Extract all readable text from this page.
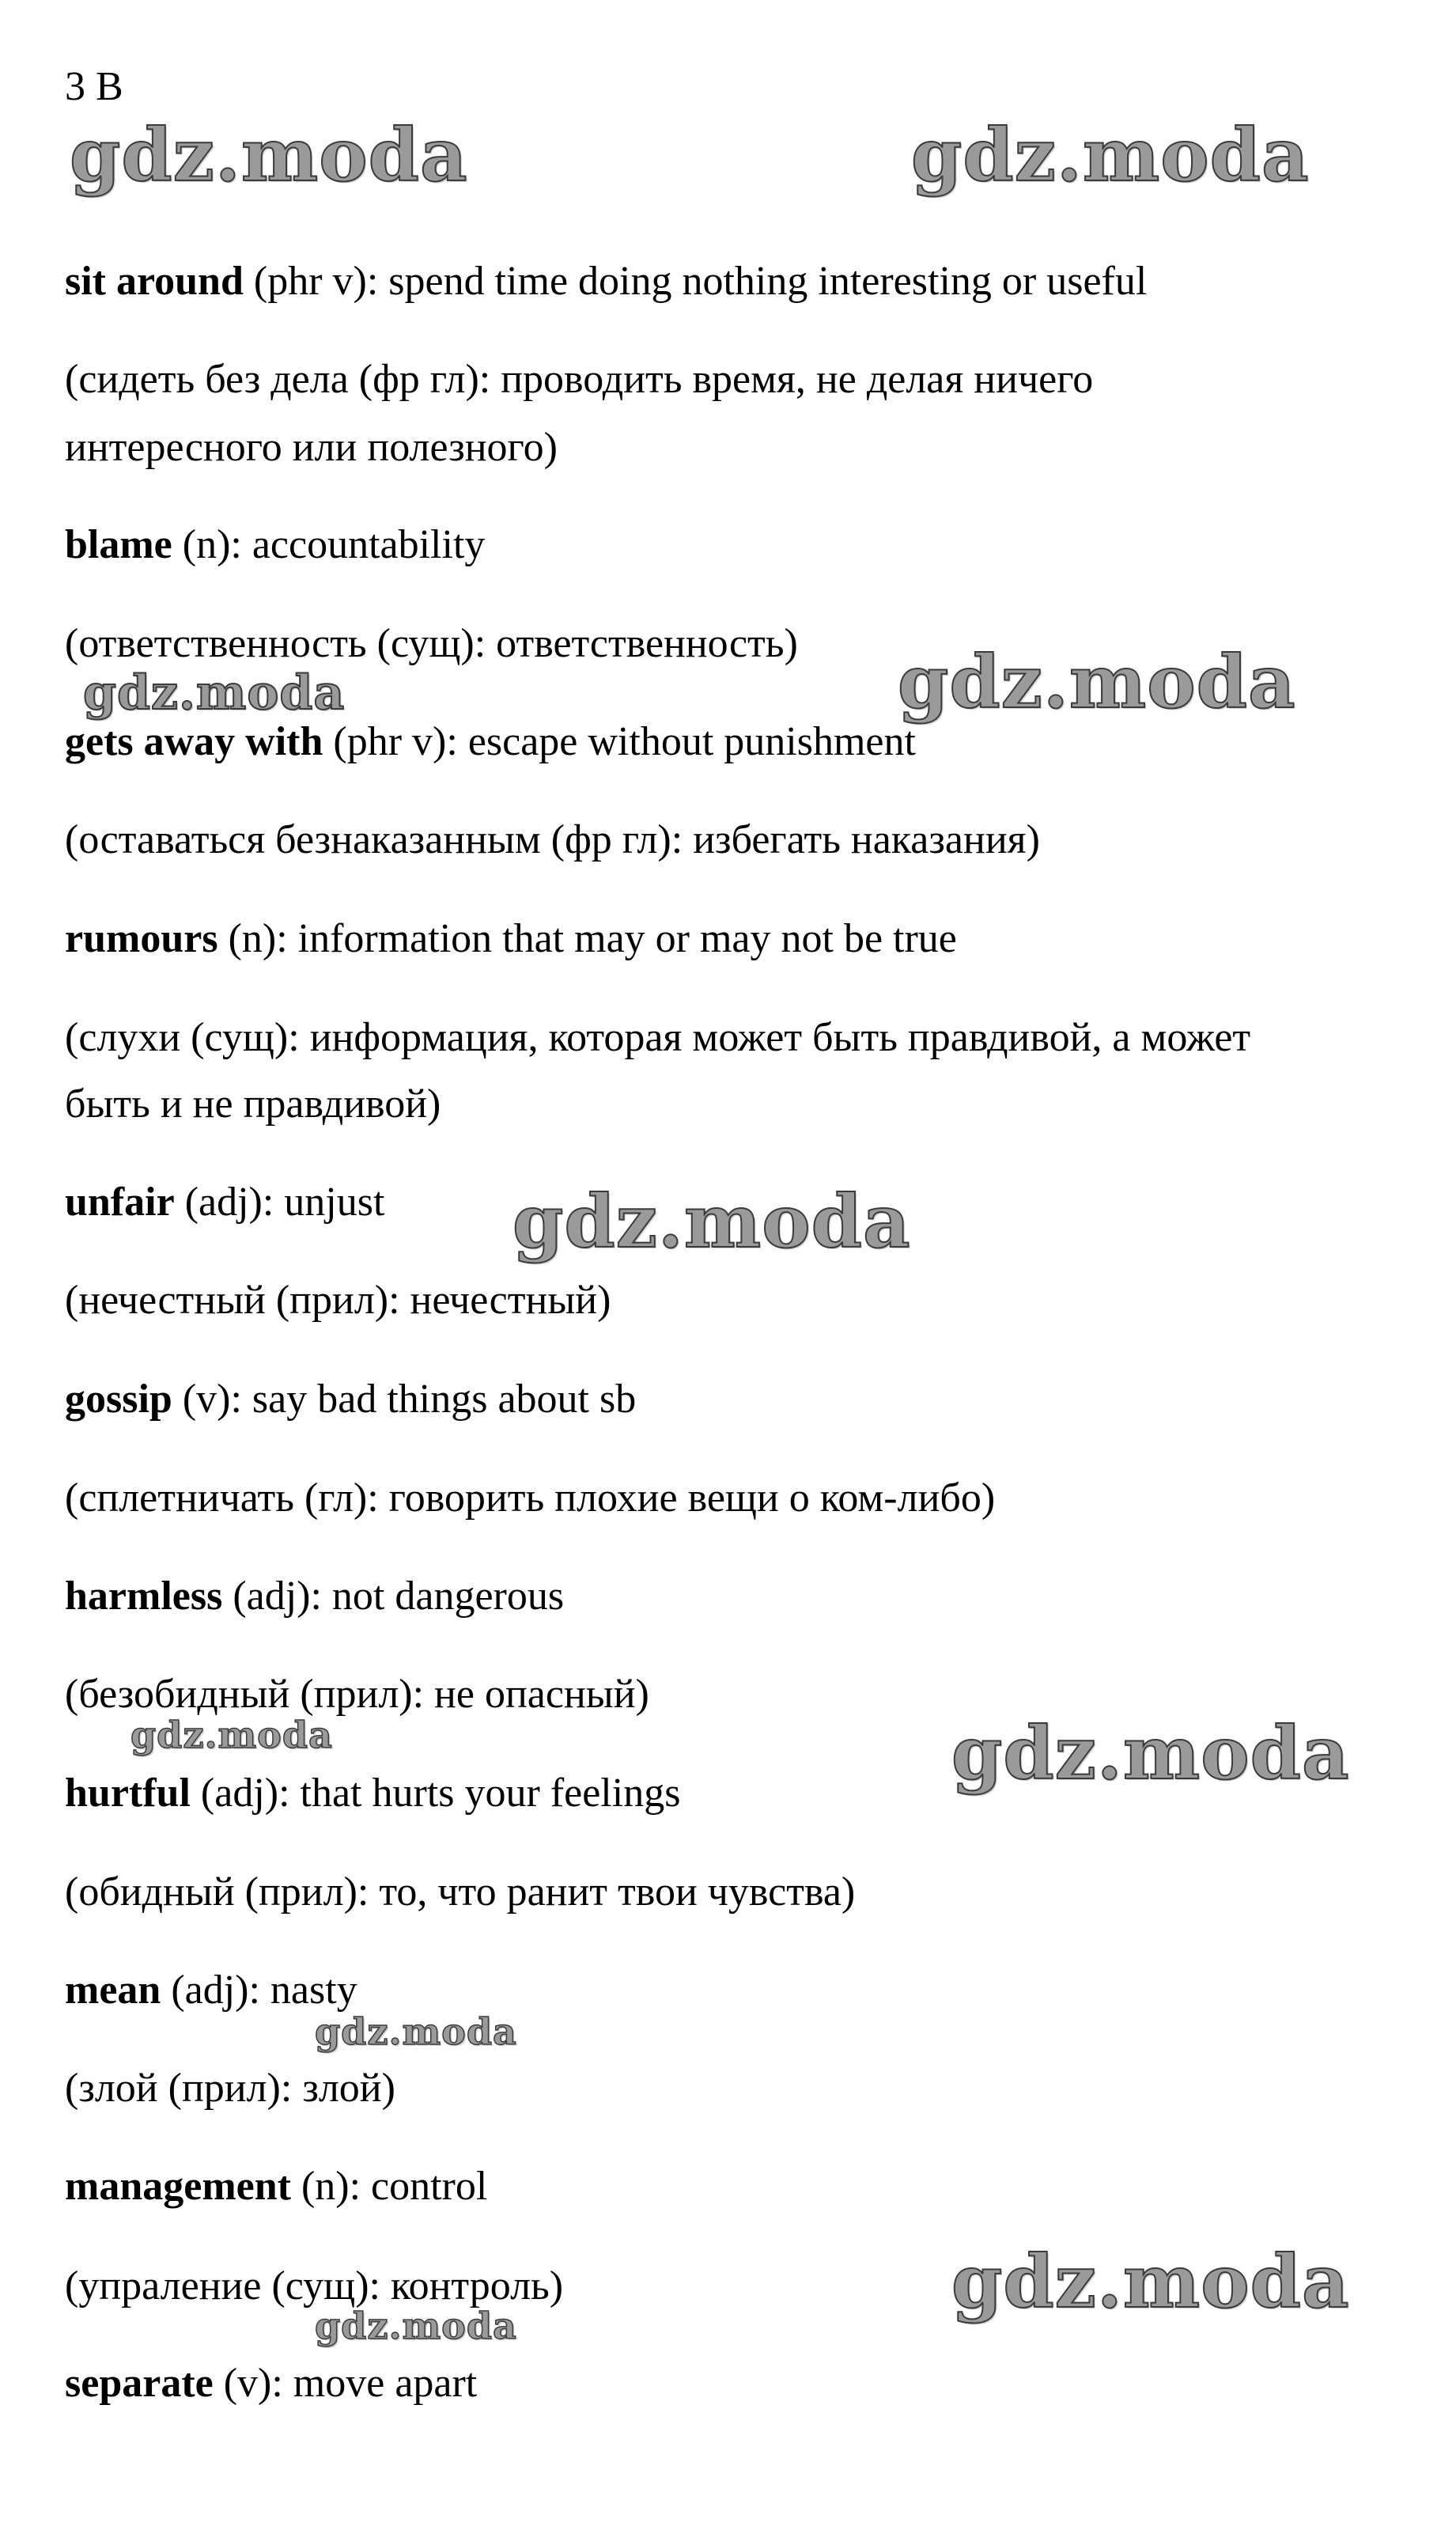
3 B
gdz.moda	gdz.moda
gdz.moda	gdz.moda
gdz.moda
gdz.moda	gdz.moda
gdz.moda
gdz.moda
gdz.moda
sit around (phr v): spend time doing nothing interesting or useful
(сидеть без дела (фр гл): проводить время, не делая ничего
интересного или полезного)
blame (n): accountability
(ответственность (сущ): ответственность)
gets away with (phr v): escape without punishment
(оставаться безнаказанным (фр гл): избегать наказания)
rumours (n): information that may or may not be true
(слухи (сущ): информация, которая может быть правдивой, а может
быть и не правдивой)
unfair (adj): unjust
(нечестный (прил): нечестный)
gossip (v): say bad things about sb
(сплетничать (гл): говорить плохие вещи о ком-либо)
harmless (adj): not dangerous
(безобидный (прил): не опасный)
hurtful (adj): that hurts your feelings
(обидный (прил): то, что ранит твои чувства)
mean (adj): nasty
(злой (прил): злой)
management (n): control
(упраление (сущ): контроль)
separate (v): move apart
